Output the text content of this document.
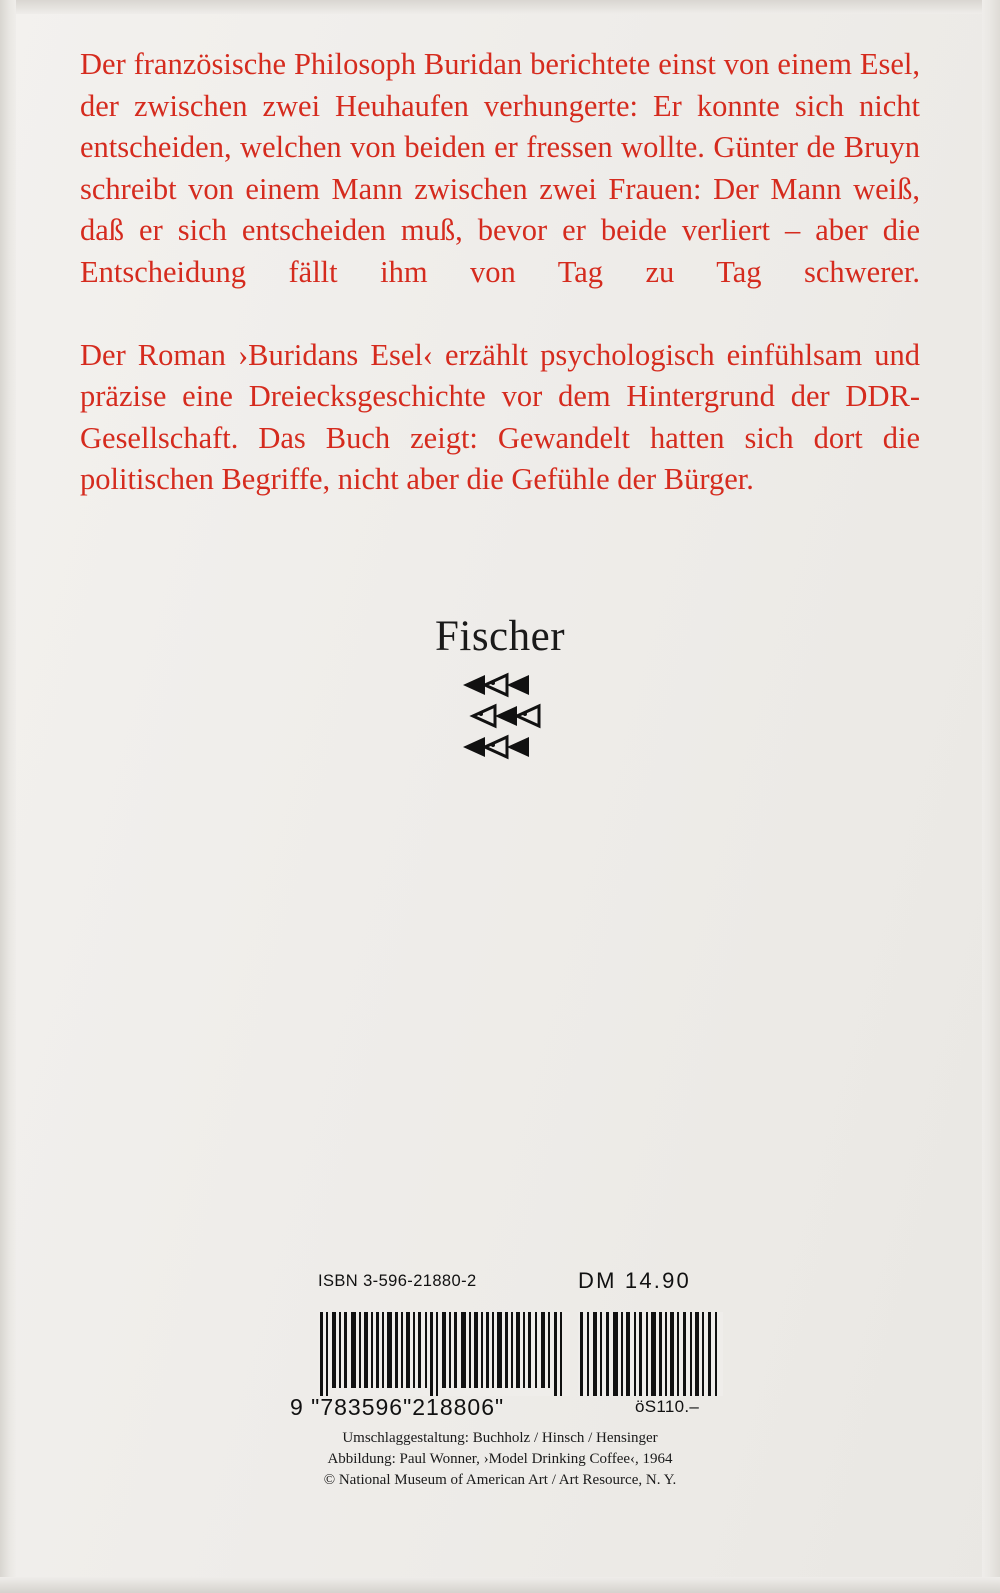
Der französische Philosoph Buridan berichtete einst von einem Esel, der zwischen zwei Heuhaufen verhungerte: Er konnte sich nicht entscheiden, welchen von beiden er fressen wollte. Günter de Bruyn schreibt von einem Mann zwischen zwei Frauen: Der Mann weiß, daß er sich entscheiden muß, bevor er beide verliert – aber die Entscheidung fällt ihm von Tag zu Tag schwerer.

Der Roman ›Buridans Esel‹ erzählt psychologisch einfühlsam und präzise eine Dreiecksgeschichte vor dem Hintergrund der DDR-Gesellschaft. Das Buch zeigt: Gewandelt hatten sich dort die politischen Begriffe, nicht aber die Gefühle der Bürger.

Fischer
ISBN 3-596-21880-2	DM 14.90
öS110.–
9 "783596"218806"
Umschlaggestaltung: Buchholz / Hinsch / Hensinger
Abbildung: Paul Wonner, ›Model Drinking Coffee‹, 1964
© National Museum of American Art / Art Resource, N. Y.
